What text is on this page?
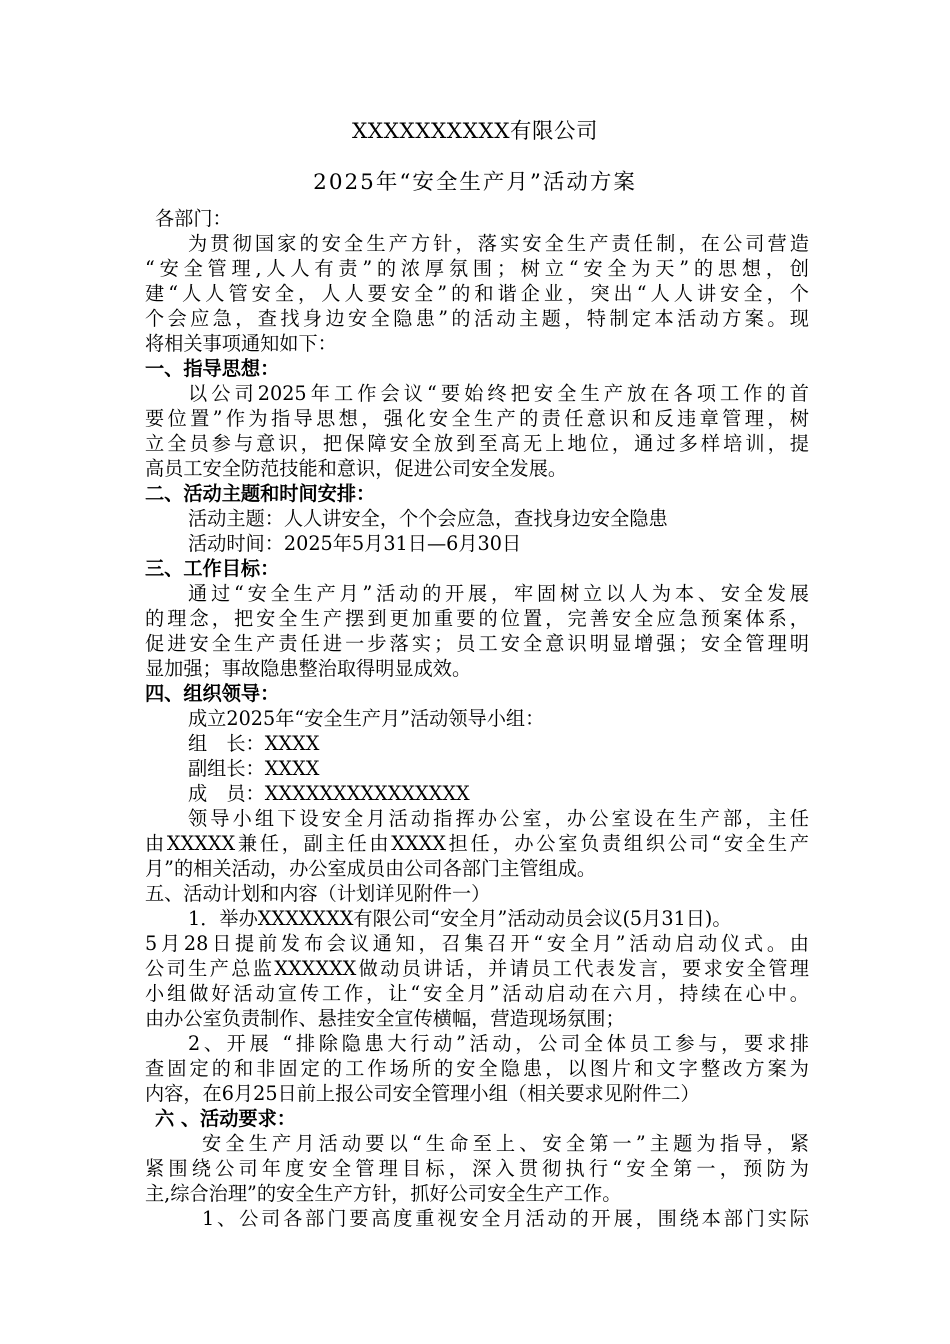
XXXXXXXXXX有限公司
2025年“安全生产月”活动方案
各部门：
为贯彻国家的安全生产方针，落实安全生产责任制，在公司营造
“安全管理,人人有责”的浓厚氛围；树立“安全为天”的思想，创
建“人人管安全，人人要安全”的和谐企业，突出“人人讲安全，个
个会应急，查找身边安全隐患”的活动主题，特制定本活动方案。现
将相关事项通知如下：
一、指导思想：
以公司2025年工作会议“要始终把安全生产放在各项工作的首
要位置”作为指导思想，强化安全生产的责任意识和反违章管理，树
立全员参与意识，把保障安全放到至高无上地位，通过多样培训，提
高员工安全防范技能和意识，促进公司安全发展。
二、活动主题和时间安排：
活动主题：人人讲安全，个个会应急，查找身边安全隐患
活动时间：2025年5月31日—6月30日
三、工作目标：
通过“安全生产月”活动的开展，牢固树立以人为本、安全发展
的理念，把安全生产摆到更加重要的位置，完善安全应急预案体系，
促进安全生产责任进一步落实；员工安全意识明显增强；安全管理明
显加强；事故隐患整治取得明显成效。
四、组织领导：
成立2025年“安全生产月”活动领导小组：
组　长：XXXX
副组长：XXXX
成　员：XXXXXXXXXXXXXXX
领导小组下设安全月活动指挥办公室，办公室设在生产部，主任
由XXXXX兼任，副主任由XXXX担任，办公室负责组织公司“安全生产
月”的相关活动，办公室成员由公司各部门主管组成。
五、活动计划和内容（计划详见附件一）
1．举办XXXXXXX有限公司“安全月”活动动员会议(5月31日)。
5月28日提前发布会议通知，召集召开“安全月”活动启动仪式。由
公司生产总监XXXXXX做动员讲话，并请员工代表发言，要求安全管理
小组做好活动宣传工作，让“安全月”活动启动在六月，持续在心中。
由办公室负责制作、悬挂安全宣传横幅，营造现场氛围；
2、开展 “排除隐患大行动”活动，公司全体员工参与，要求排
查固定的和非固定的工作场所的安全隐患，以图片和文字整改方案为
内容，在6月25日前上报公司安全管理小组（相关要求见附件二）
六 、活动要求：
安全生产月活动要以“生命至上、安全第一”主题为指导，紧
紧围绕公司年度安全管理目标，深入贯彻执行“安全第一，预防为
主,综合治理”的安全生产方针，抓好公司安全生产工作。
1、公司各部门要高度重视安全月活动的开展，围绕本部门实际
